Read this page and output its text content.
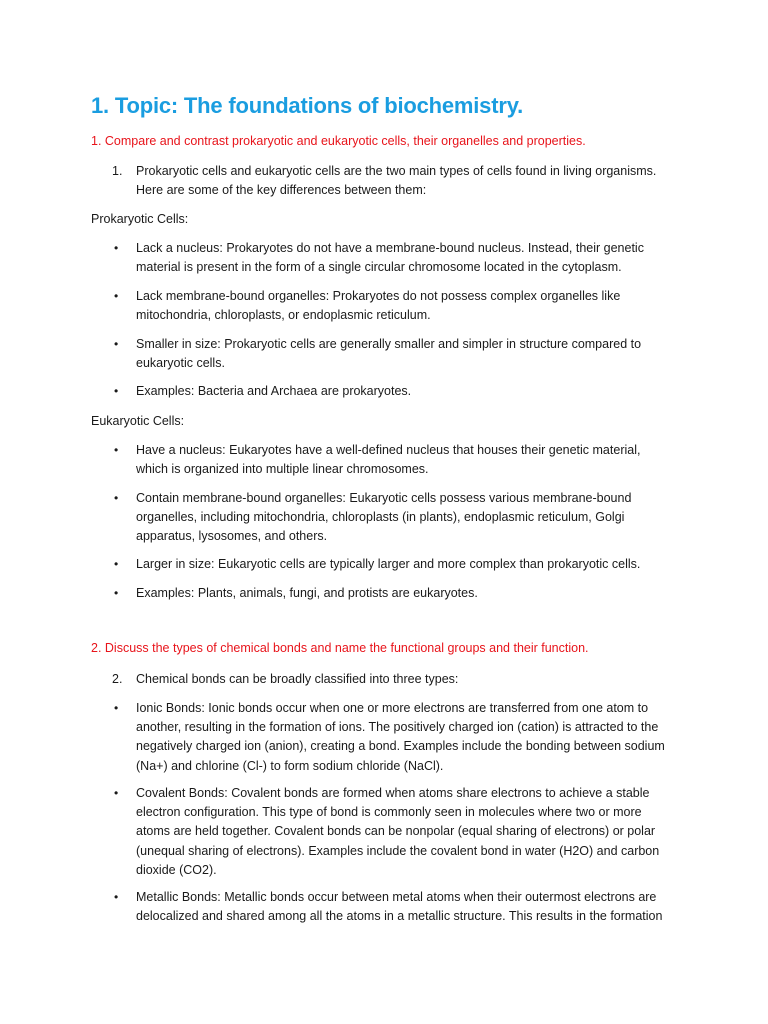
1. Topic: The foundations of biochemistry.

1. Compare and contrast prokaryotic and eukaryotic cells, their organelles and properties.

1. Prokaryotic cells and eukaryotic cells are the two main types of cells found in living organisms.
Here are some of the key differences between them:

Prokaryotic Cells:

• Lack a nucleus: Prokaryotes do not have a membrane-bound nucleus. Instead, their genetic
material is present in the form of a single circular chromosome located in the cytoplasm.
• Lack membrane-bound organelles: Prokaryotes do not possess complex organelles like
mitochondria, chloroplasts, or endoplasmic reticulum.
• Smaller in size: Prokaryotic cells are generally smaller and simpler in structure compared to
eukaryotic cells.
• Examples: Bacteria and Archaea are prokaryotes.

Eukaryotic Cells:

• Have a nucleus: Eukaryotes have a well-defined nucleus that houses their genetic material,
which is organized into multiple linear chromosomes.
• Contain membrane-bound organelles: Eukaryotic cells possess various membrane-bound
organelles, including mitochondria, chloroplasts (in plants), endoplasmic reticulum, Golgi
apparatus, lysosomes, and others.
• Larger in size: Eukaryotic cells are typically larger and more complex than prokaryotic cells.
• Examples: Plants, animals, fungi, and protists are eukaryotes.

2. Discuss the types of chemical bonds and name the functional groups and their function.

2. Chemical bonds can be broadly classified into three types:
• Ionic Bonds: Ionic bonds occur when one or more electrons are transferred from one atom to
another, resulting in the formation of ions. The positively charged ion (cation) is attracted to the
negatively charged ion (anion), creating a bond. Examples include the bonding between sodium
(Na+) and chlorine (Cl-) to form sodium chloride (NaCl).
• Covalent Bonds: Covalent bonds are formed when atoms share electrons to achieve a stable
electron configuration. This type of bond is commonly seen in molecules where two or more
atoms are held together. Covalent bonds can be nonpolar (equal sharing of electrons) or polar
(unequal sharing of electrons). Examples include the covalent bond in water (H2O) and carbon
dioxide (CO2).
• Metallic Bonds: Metallic bonds occur between metal atoms when their outermost electrons are
delocalized and shared among all the atoms in a metallic structure. This results in the formation
